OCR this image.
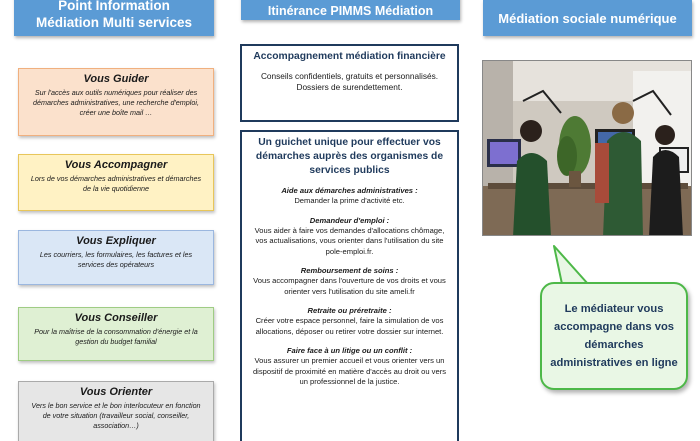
Point Information
Médiation Multi services
Itinérance PIMMS Médiation	Médiation sociale numérique
Vous Guider
Sur l'accès aux outils numériques pour réaliser des démarches administratives, une recherche d'emploi, créer une boîte mail …
Vous Accompagner
Lors de vos démarches administratives et démarches de la vie quotidienne
Vous Expliquer
Les courriers, les formulaires, les factures et les services des opérateurs
Vous Conseiller
Pour la maîtrise de la consommation d'énergie et la gestion du budget familial
Vous Orienter
Vers le bon service et le bon interlocuteur en fonction de votre situation (travailleur social, conseiller, association…)
Accompagnement médiation financière
Conseils confidentiels, gratuits et personnalisés. Dossiers de surendettement.
Un guichet unique pour effectuer vos démarches auprès des organismes de services publics
Aide aux démarches administratives :
Demander la prime d'activité etc.
Demandeur d'emploi :
Vous aider à faire vos demandes d'allocations chômage, vos actualisations, vous orienter dans l'utilisation du site pole-emploi.fr.
Remboursement de soins :
Vous accompagner dans l'ouverture de vos droits et vous orienter vers l'utilisation du site ameli.fr
Retraite ou préretraite :
Créer votre espace personnel, faire la simulation de vos allocations, déposer ou retirer votre dossier sur internet.
Faire face à un litige ou un conflit :
Vous assurer un premier accueil et vous orienter vers un dispositif de proximité en matière d'accès au droit ou vers un professionnel de la justice.
Le médiateur vous accompagne dans vos démarches administratives en ligne
